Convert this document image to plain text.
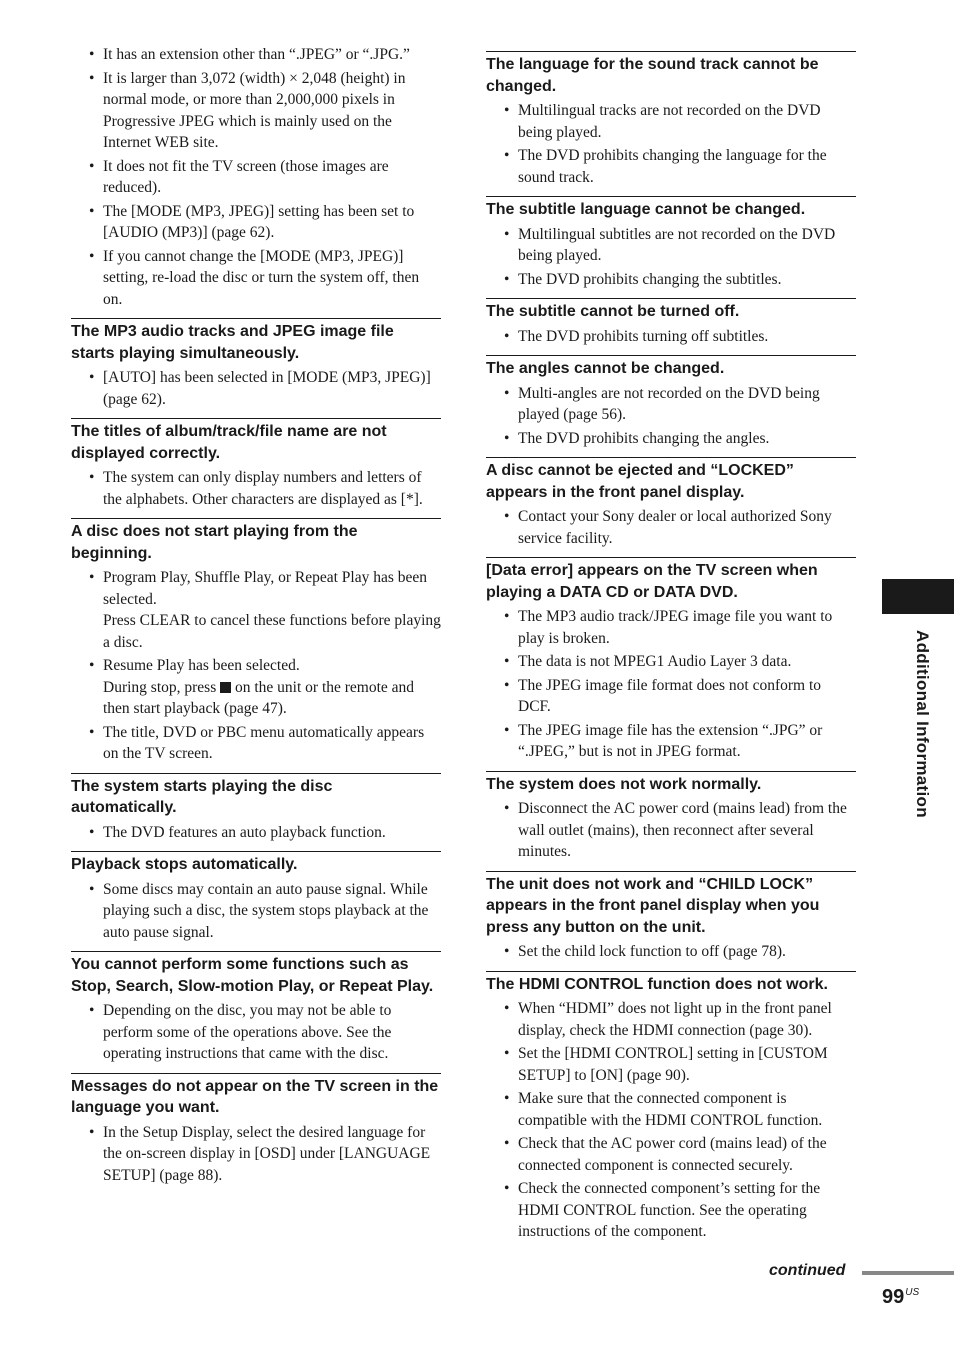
• It has an extension other than “.JPEG” or “.JPG.”
• It is larger than 3,072 (width) × 2,048 (height) in normal mode, or more than 2,000,000 pixels in Progressive JPEG which is mainly used on the Internet WEB site.
• It does not fit the TV screen (those images are reduced).
• The [MODE (MP3, JPEG)] setting has been set to [AUDIO (MP3)] (page 62).
• If you cannot change the [MODE (MP3, JPEG)] setting, re-load the disc or turn the system off, then on.
The MP3 audio tracks and JPEG image file starts playing simultaneously.
• [AUTO] has been selected in [MODE (MP3, JPEG)] (page 62).
The titles of album/track/file name are not displayed correctly.
• The system can only display numbers and letters of the alphabets. Other characters are displayed as [*].
A disc does not start playing from the beginning.
• Program Play, Shuffle Play, or Repeat Play has been selected.
Press CLEAR to cancel these functions before playing a disc.
• Resume Play has been selected.
During stop, press on the unit or the remote and then start playback (page 47).
• The title, DVD or PBC menu automatically appears on the TV screen.
The system starts playing the disc automatically.
• The DVD features an auto playback function.
Playback stops automatically.
• Some discs may contain an auto pause signal. While playing such a disc, the system stops playback at the auto pause signal.
You cannot perform some functions such as Stop, Search, Slow-motion Play, or Repeat Play.
• Depending on the disc, you may not be able to perform some of the operations above. See the operating instructions that came with the disc.
Messages do not appear on the TV screen in the language you want.
• In the Setup Display, select the desired language for the on-screen display in [OSD] under [LANGUAGE SETUP] (page 88).
The language for the sound track cannot be changed.
• Multilingual tracks are not recorded on the DVD being played.
• The DVD prohibits changing the language for the sound track.
The subtitle language cannot be changed.
• Multilingual subtitles are not recorded on the DVD being played.
• The DVD prohibits changing the subtitles.
The subtitle cannot be turned off.
• The DVD prohibits turning off subtitles.
The angles cannot be changed.
• Multi-angles are not recorded on the DVD being played (page 56).
• The DVD prohibits changing the angles.
A disc cannot be ejected and “LOCKED” appears in the front panel display.
• Contact your Sony dealer or local authorized Sony service facility.
[Data error] appears on the TV screen when playing a DATA CD or DATA DVD.
• The MP3 audio track/JPEG image file you want to play is broken.
• The data is not MPEG1 Audio Layer 3 data.
• The JPEG image file format does not conform to DCF.
• The JPEG image file has the extension “.JPG” or “.JPEG,” but is not in JPEG format.
The system does not work normally.
• Disconnect the AC power cord (mains lead) from the wall outlet (mains), then reconnect after several minutes.
The unit does not work and “CHILD LOCK” appears in the front panel display when you press any button on the unit.
• Set the child lock function to off (page 78).
The HDMI CONTROL function does not work.
• When “HDMI” does not light up in the front panel display, check the HDMI connection (page 30).
• Set the [HDMI CONTROL] setting in [CUSTOM SETUP] to [ON] (page 90).
• Make sure that the connected component is compatible with the HDMI CONTROL function.
• Check that the AC power cord (mains lead) of the connected component is connected securely.
• Check the connected component’s setting for the HDMI CONTROL function. See the operating instructions of the component.
Additional Information
continued
$99^{US}$
